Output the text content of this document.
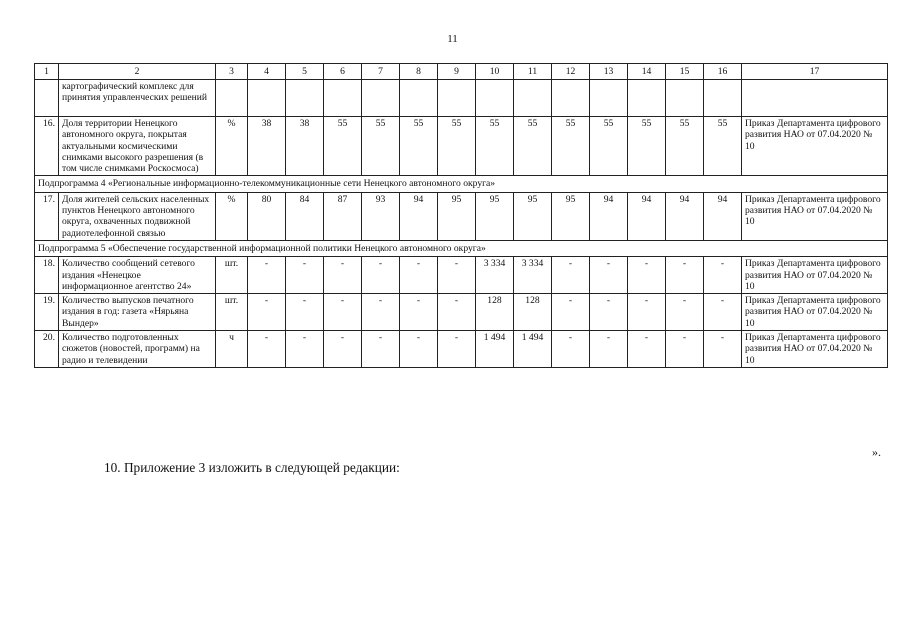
11
1	2	3	4	5	6	7	8	9	10	11	12	13	14	15	16	17
	картографический комплекс для принятия управленческих решений															
16.	Доля территории Ненецкого автономного округа, покрытая актуальными космическими снимками высокого разрешения (в том числе снимками Роскосмоса)	%	38	38	55	55	55	55	55	55	55	55	55	55	55	Приказ Департамента цифрового развития НАО от 07.04.2020 № 10
Подпрограмма 4 «Региональные информационно-телекоммуникационные сети Ненецкого автономного округа»																
17.	Доля жителей сельских населенных пунктов Ненецкого автономного округа, охваченных подвижной радиотелефонной связью	%	80	84	87	93	94	95	95	95	95	94	94	94	94	Приказ Департамента цифрового развития НАО от 07.04.2020 № 10
Подпрограмма 5 «Обеспечение государственной информационной политики Ненецкого автономного округа»																
18.	Количество сообщений сетевого издания «Ненецкое информационное агентство 24»	шт.	-	-	-	-	-	-	3 334	3 334	-	-	-	-	-	Приказ Департамента цифрового развития НАО от 07.04.2020 № 10
19.	Количество выпусков печатного издания в год: газета «Нярьяна Вындер»	шт.	-	-	-	-	-	-	128	128	-	-	-	-	-	Приказ Департамента цифрового развития НАО от 07.04.2020 № 10
20.	Количество подготовленных сюжетов (новостей, программ) на радио и телевидении	ч	-	-	-	-	-	-	1 494	1 494	-	-	-	-	-	Приказ Департамента цифрового развития НАО от 07.04.2020 № 10
».
10. Приложение 3 изложить в следующей редакции:
